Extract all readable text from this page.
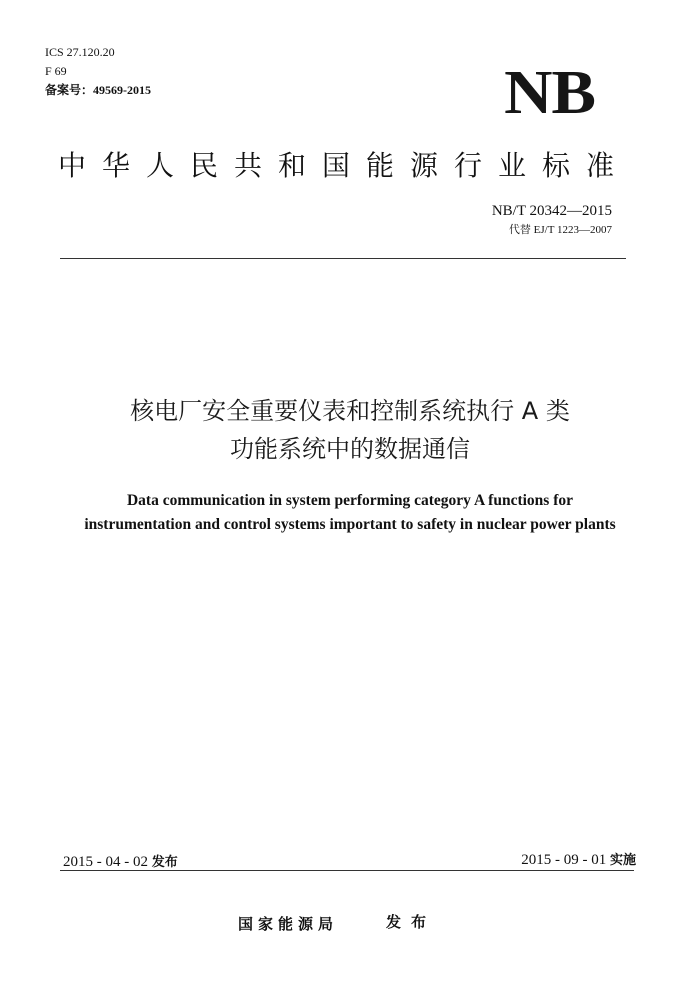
ICS 27.120.20
F 69
备案号：49569-2015	NB
中华人民共和国能源行业标准
NB/T 20342—2015
代替 EJ/T 1223—2007
核电厂安全重要仪表和控制系统执行 A 类
功能系统中的数据通信
Data communication in system performing category A functions for
instrumentation and control systems important to safety in nuclear power plants
2015 - 04 - 02 发布	2015 - 09 - 01 实施
国家能源局	发布
